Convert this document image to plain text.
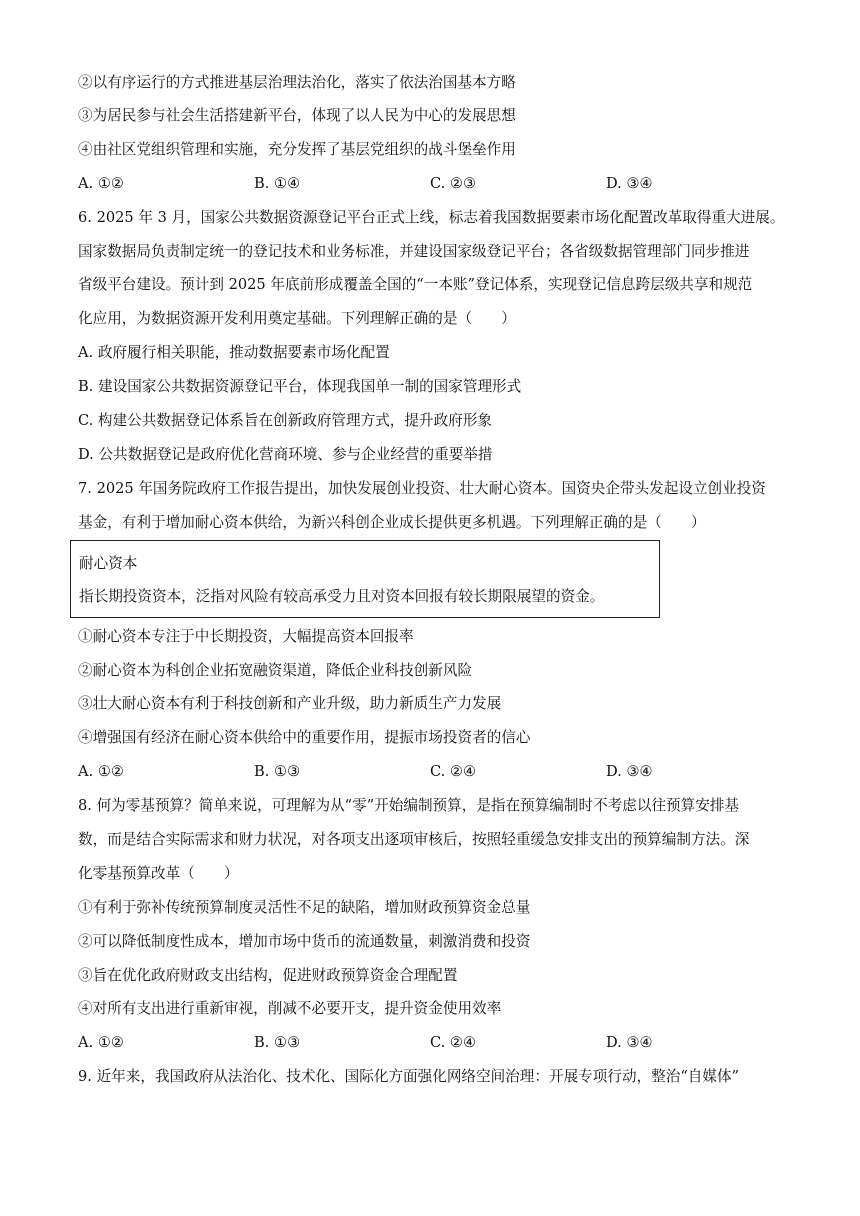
②以有序运行的方式推进基层治理法治化，落实了依法治国基本方略
③为居民参与社会生活搭建新平台，体现了以人民为中心的发展思想
④由社区党组织管理和实施，充分发挥了基层党组织的战斗堡垒作用
A. ①②	B. ①④	C. ②③	D. ③④
6. 2025 年 3 月，国家公共数据资源登记平台正式上线，标志着我国数据要素市场化配置改革取得重大进展。
国家数据局负责制定统一的登记技术和业务标准，并建设国家级登记平台；各省级数据管理部门同步推进
省级平台建设。预计到 2025 年底前形成覆盖全国的“一本账”登记体系，实现登记信息跨层级共享和规范
化应用，为数据资源开发利用奠定基础。下列理解正确的是（　　）
A. 政府履行相关职能，推动数据要素市场化配置
B. 建设国家公共数据资源登记平台，体现我国单一制的国家管理形式
C. 构建公共数据登记体系旨在创新政府管理方式，提升政府形象
D. 公共数据登记是政府优化营商环境、参与企业经营的重要举措
7. 2025 年国务院政府工作报告提出，加快发展创业投资、壮大耐心资本。国资央企带头发起设立创业投资
基金，有利于增加耐心资本供给，为新兴科创企业成长提供更多机遇。下列理解正确的是（　　）
耐心资本
指长期投资资本，泛指对风险有较高承受力且对资本回报有较长期限展望的资金。
①耐心资本专注于中长期投资，大幅提高资本回报率
②耐心资本为科创企业拓宽融资渠道，降低企业科技创新风险
③壮大耐心资本有利于科技创新和产业升级，助力新质生产力发展
④增强国有经济在耐心资本供给中的重要作用，提振市场投资者的信心
A. ①②	B. ①③	C. ②④	D. ③④
8. 何为零基预算？简单来说，可理解为从“零”开始编制预算，是指在预算编制时不考虑以往预算安排基
数，而是结合实际需求和财力状况，对各项支出逐项审核后，按照轻重缓急安排支出的预算编制方法。深
化零基预算改革（　　）
①有利于弥补传统预算制度灵活性不足的缺陷，增加财政预算资金总量
②可以降低制度性成本，增加市场中货币的流通数量，刺激消费和投资
③旨在优化政府财政支出结构，促进财政预算资金合理配置
④对所有支出进行重新审视，削减不必要开支，提升资金使用效率
A. ①②	B. ①③	C. ②④	D. ③④
9. 近年来，我国政府从法治化、技术化、国际化方面强化网络空间治理：开展专项行动，整治“自媒体”
